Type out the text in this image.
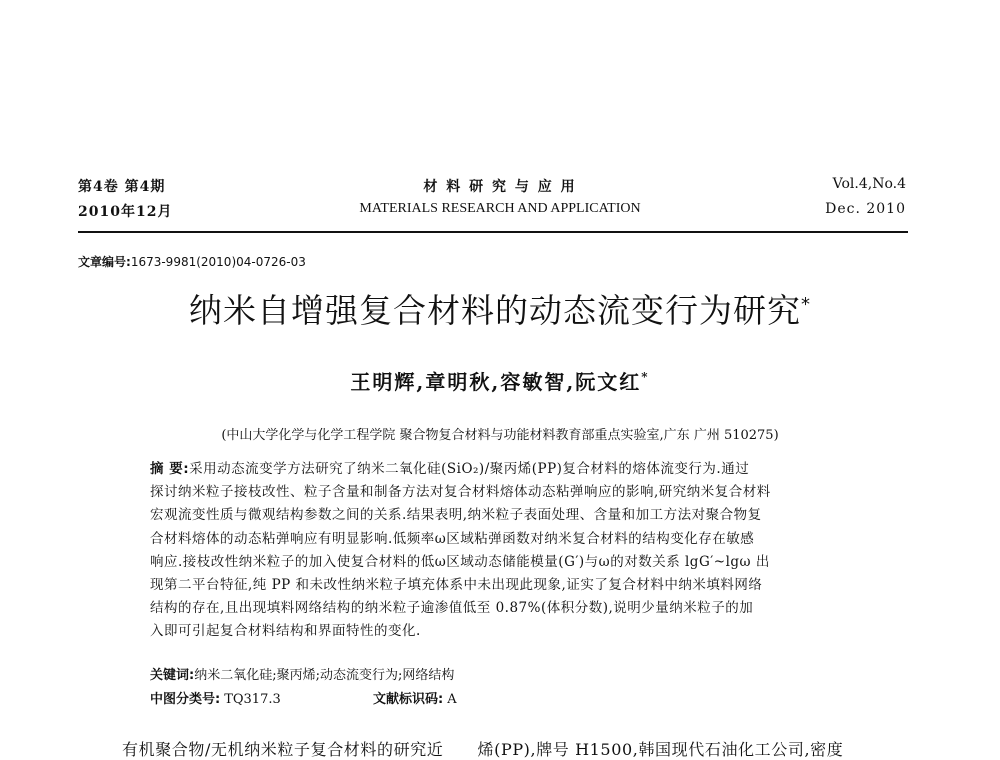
第4卷 第4期
2010年12月
材 料 研 究 与 应 用
MATERIALS RESEARCH AND APPLICATION
Vol.4,No.4
Dec. 2010
文章编号:1673-9981(2010)04-0726-03
纳米自增强复合材料的动态流变行为研究*
王明辉,章明秋,容敏智,阮文红*
(中山大学化学与化学工程学院 聚合物复合材料与功能材料教育部重点实验室,广东 广州 510275)
摘 要:采用动态流变学方法研究了纳米二氧化硅(SiO₂)/聚丙烯(PP)复合材料的熔体流变行为.通过
探讨纳米粒子接枝改性、粒子含量和制备方法对复合材料熔体动态粘弹响应的影响,研究纳米复合材料
宏观流变性质与微观结构参数之间的关系.结果表明,纳米粒子表面处理、含量和加工方法对聚合物复
合材料熔体的动态粘弹响应有明显影响.低频率ω区域粘弹函数对纳米复合材料的结构变化存在敏感
响应.接枝改性纳米粒子的加入使复合材料的低ω区域动态储能模量(G′)与ω的对数关系 lgG′~lgω 出
现第二平台特征,纯 PP 和未改性纳米粒子填充体系中未出现此现象,证实了复合材料中纳米填料网络
结构的存在,且出现填料网络结构的纳米粒子逾渗值低至 0.87%(体积分数),说明少量纳米粒子的加
入即可引起复合材料结构和界面特性的变化.
关键词:纳米二氧化硅;聚丙烯;动态流变行为;网络结构
中图分类号: TQ317.3	文献标识码: A
有机聚合物/无机纳米粒子复合材料的研究近      烯(PP),牌号 H1500,韩国现代石油化工公司,密度
